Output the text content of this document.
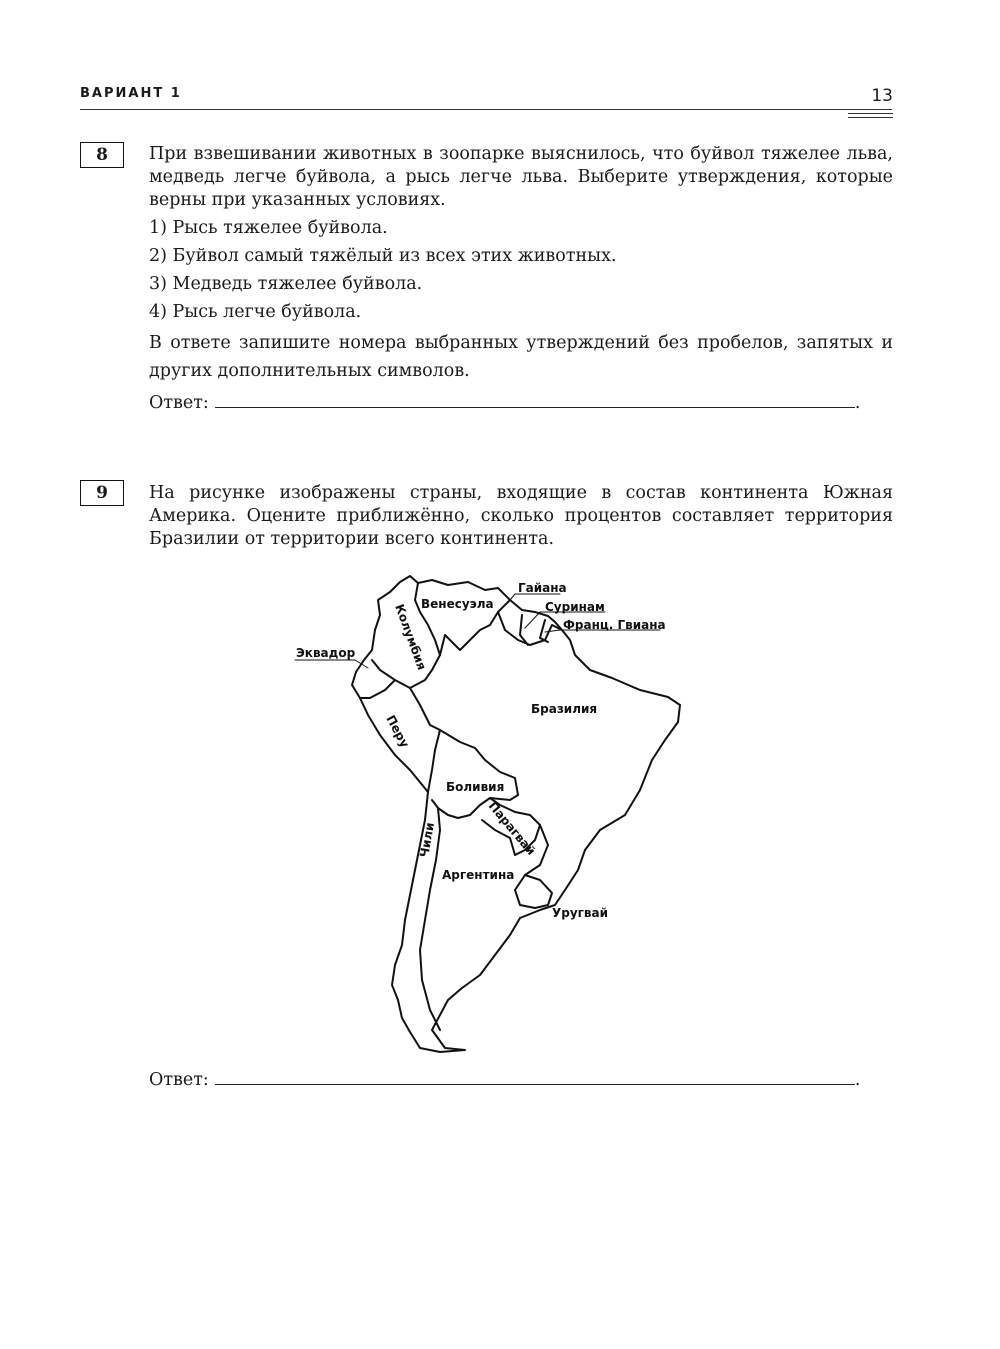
ВАРИАНТ 1	13
8	При взвешивании животных в зоопарке выяснилось, что буйвол тяжелее льва, медведь легче буйвола, а рысь легче льва. Выберите утверждения, которые верны при указанных условиях.

1) Рысь тяжелее буйвола.

2) Буйвол самый тяжёлый из всех этих животных.

3) Медведь тяжелее буйвола.

4) Рысь легче буйвола.

В ответе запишите номера выбранных утверждений без пробелов, запятых и других дополнительных символов.

Ответ:	.
9	На рисунке изображены страны, входящие в состав континента Южная Америка. Оцените приближённо, сколько процентов составляет территория Бразилии от территории всего континента.

Венесуэла
Гайана
Суринам
Франц. Гвиана
Колумбия
Эквадор
Бразилия
Перу
Боливия
Парагвай
Чили
Аргентина
Уругвай
Ответ:	.
